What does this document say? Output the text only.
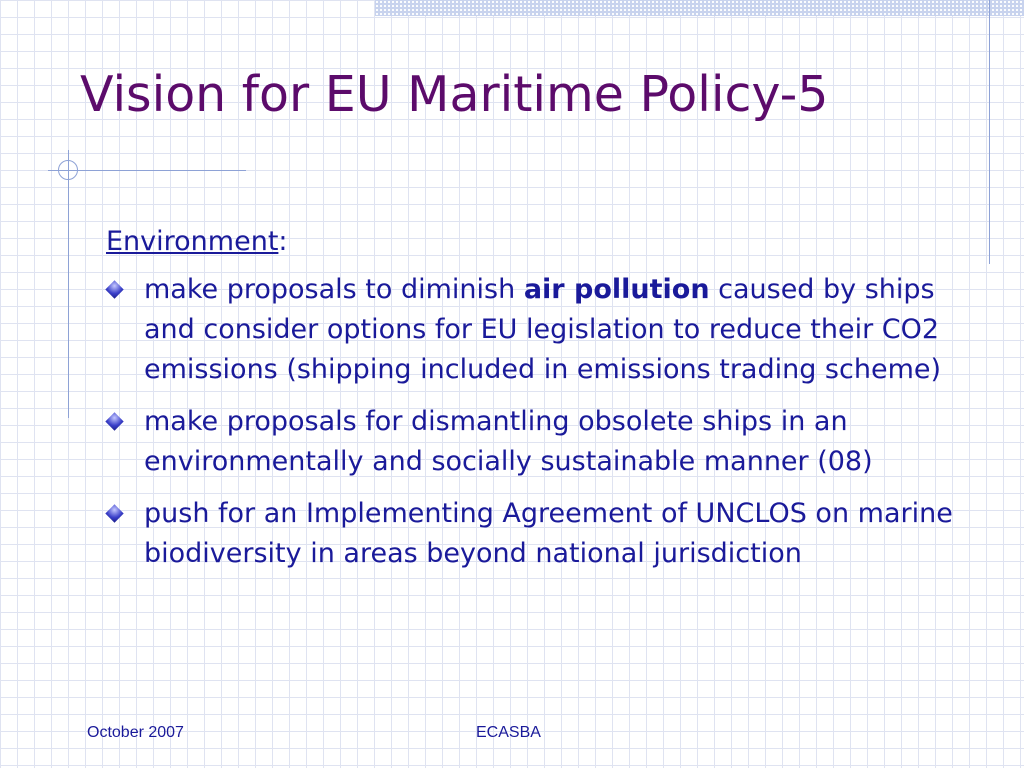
Vision for EU Maritime Policy-5

Environment:

make proposals to diminish air pollution caused by ships and consider options for EU legislation to reduce their CO2 emissions (shipping included in emissions trading scheme)
make proposals for dismantling obsolete ships in an environmentally and socially sustainable manner (08)
push for an Implementing Agreement of UNCLOS on marine biodiversity in areas beyond national jurisdiction
October 2007	ECASBA
